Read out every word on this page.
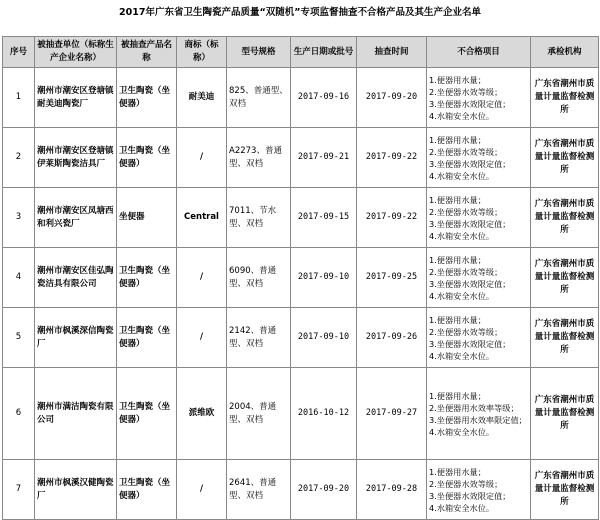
2017年广东省卫生陶瓷产品质量“双随机”专项监督抽查不合格产品及其生产企业名单
序号	被抽查单位（标称生产企业名称）	被抽查产品名称	商标（标称）	型号规格	生产日期或批号	抽查时间	不合格项目	承检机构
1	潮州市潮安区登塘镇耐美迪陶瓷厂	卫生陶瓷（坐便器）	耐美迪	825、普通型、双档	2017-09-16	2017-09-20	1.便器用水量；
2.坐便器水效等级；
3.坐便器水效限定值；
4.水箱安全水位。	广东省潮州市质量计量监督检测所
2	潮州市潮安区登塘镇伊莱斯陶瓷洁具厂	卫生陶瓷（坐便器）	/	A2273、普通型、双档	2017-09-21	2017-09-22	1.便器用水量；
2.坐便器水效等级；
3.坐便器水效限定值；
4.水箱安全水位。	广东省潮州市质量计量监督检测所
3	潮州市潮安区凤塘西和利兴瓷厂	坐便器	Central	7011、节水型、双档	2017-09-15	2017-09-22	1.便器用水量；
2.坐便器水效等级；
3.坐便器水效限定值；
4.水箱安全水位。	广东省潮州市质量计量监督检测所
4	潮州市潮安区佳弘陶瓷洁具有限公司	卫生陶瓷（坐便器）	/	6090、普通型、双档	2017-09-10	2017-09-25	1.便器用水量；
2.坐便器水效等级；
3.坐便器水效限定值；
4.水箱安全水位。	广东省潮州市质量计量监督检测所
5	潮州市枫溪深信陶瓷厂	卫生陶瓷（坐便器）	/	2142、普通型、双档	2017-09-10	2017-09-26	1.便器用水量；
2.坐便器水效等级；
3.坐便器水效限定值；
4.水箱安全水位。	广东省潮州市质量计量监督检测所
6	潮州市满洁陶瓷有限公司	卫生陶瓷（坐便器）	派维欧	2004、普通型、双档	2016-10-12	2017-09-27	1.便器用水量；
2.坐便器用水效率等级；
3.坐便器用水效率限定值；
4.水箱安全水位。	广东省潮州市质量计量监督检测所
7	潮州市枫溪汉健陶瓷厂	卫生陶瓷（坐便器）	/	2641、普通型、双档	2017-09-20	2017-09-28	1.便器用水量；
2.坐便器水效等级；
3.坐便器水效限定值；
4.水箱安全水位。	广东省潮州市质量计量监督检测所
